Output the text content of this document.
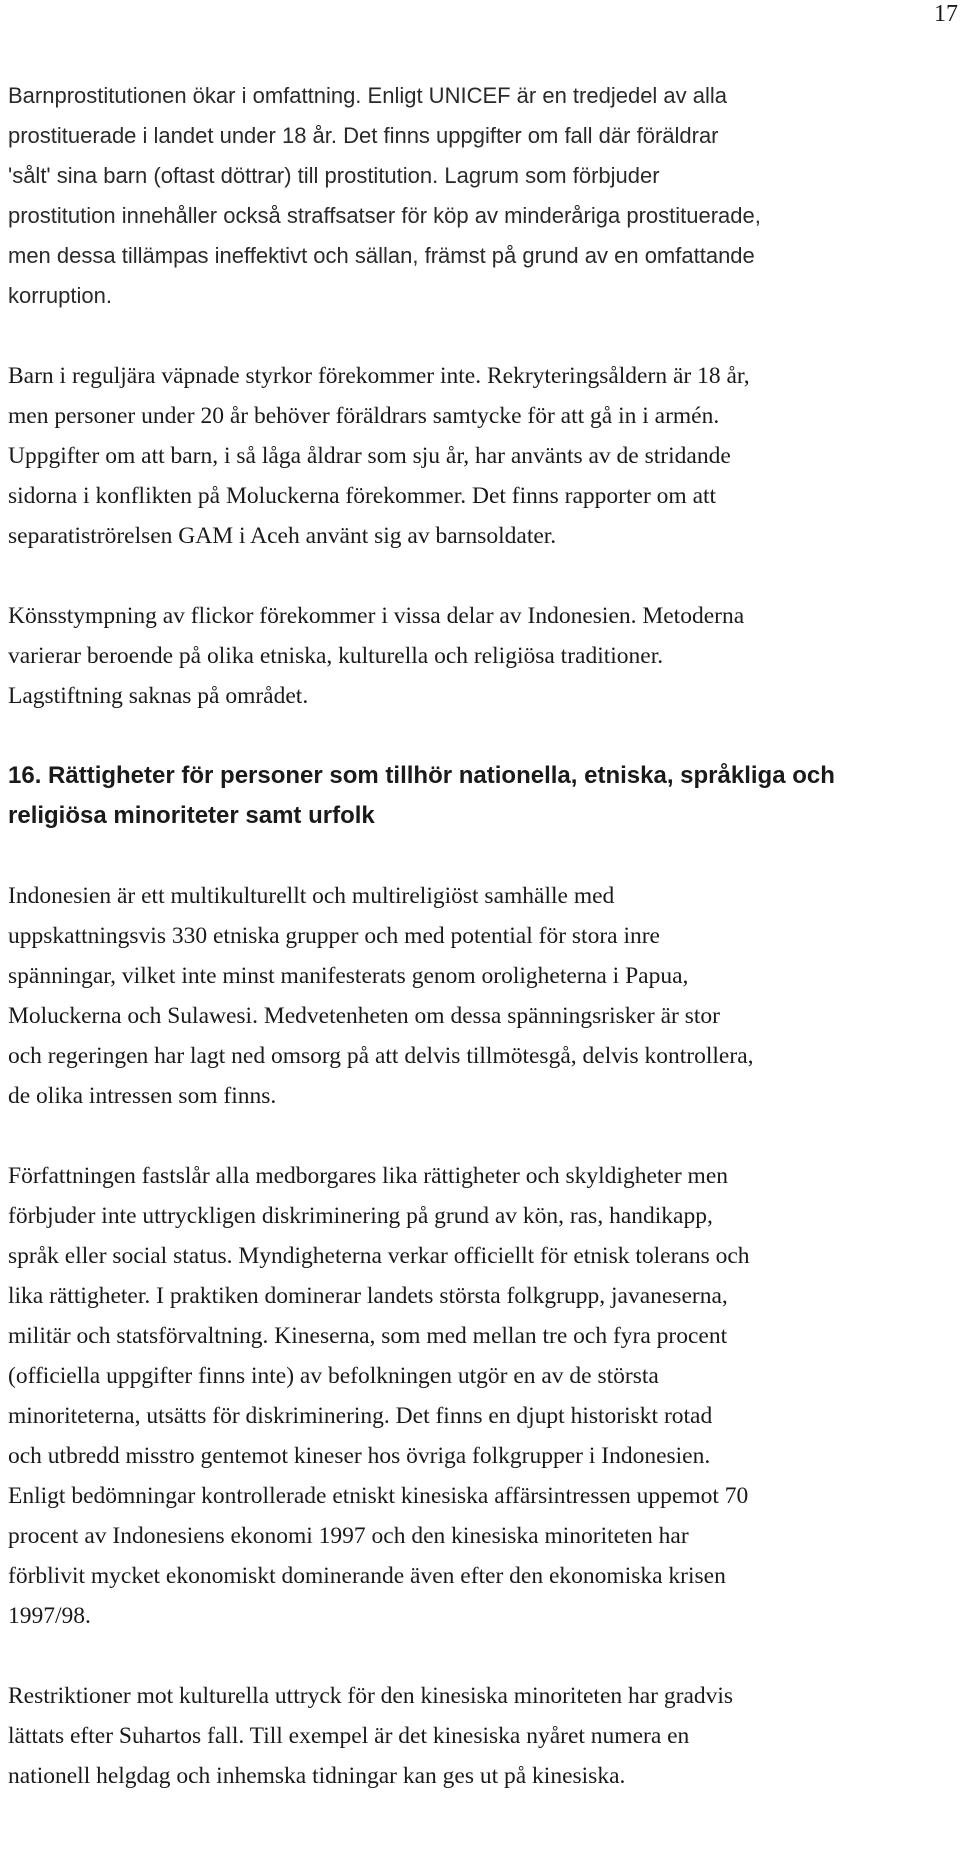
17

Barnprostitutionen ökar i omfattning. Enligt UNICEF är en tredjedel av alla
prostituerade i landet under 18 år. Det finns uppgifter om fall där föräldrar
'sålt' sina barn (oftast döttrar) till prostitution. Lagrum som förbjuder
prostitution innehåller också straffsatser för köp av minderåriga prostituerade,
men dessa tillämpas ineffektivt och sällan, främst på grund av en omfattande
korruption.

Barn i reguljära väpnade styrkor förekommer inte. Rekryteringsåldern är 18 år,
men personer under 20 år behöver föräldrars samtycke för att gå in i armén.
Uppgifter om att barn, i så låga åldrar som sju år, har använts av de stridande
sidorna i konflikten på Moluckerna förekommer. Det finns rapporter om att
separatiströrelsen GAM i Aceh använt sig av barnsoldater.

Könsstympning av flickor förekommer i vissa delar av Indonesien. Metoderna
varierar beroende på olika etniska, kulturella och religiösa traditioner.
Lagstiftning saknas på området.

16. Rättigheter för personer som tillhör nationella, etniska, språkliga och
religiösa minoriteter samt urfolk

Indonesien är ett multikulturellt och multireligiöst samhälle med
uppskattningsvis 330 etniska grupper och med potential för stora inre
spänningar, vilket inte minst manifesterats genom oroligheterna i Papua,
Moluckerna och Sulawesi. Medvetenheten om dessa spänningsrisker är stor
och regeringen har lagt ned omsorg på att delvis tillmötesgå, delvis kontrollera,
de olika intressen som finns.

Författningen fastslår alla medborgares lika rättigheter och skyldigheter men
förbjuder inte uttryckligen diskriminering på grund av kön, ras, handikapp,
språk eller social status. Myndigheterna verkar officiellt för etnisk tolerans och
lika rättigheter. I praktiken dominerar landets största folkgrupp, javaneserna,
militär och statsförvaltning. Kineserna, som med mellan tre och fyra procent
(officiella uppgifter finns inte) av befolkningen utgör en av de största
minoriteterna, utsätts för diskriminering. Det finns en djupt historiskt rotad
och utbredd misstro gentemot kineser hos övriga folkgrupper i Indonesien.
Enligt bedömningar kontrollerade etniskt kinesiska affärsintressen uppemot 70
procent av Indonesiens ekonomi 1997 och den kinesiska minoriteten har
förblivit mycket ekonomiskt dominerande även efter den ekonomiska krisen
1997/98.

Restriktioner mot kulturella uttryck för den kinesiska minoriteten har gradvis
lättats efter Suhartos fall. Till exempel är det kinesiska nyåret numera en
nationell helgdag och inhemska tidningar kan ges ut på kinesiska.
